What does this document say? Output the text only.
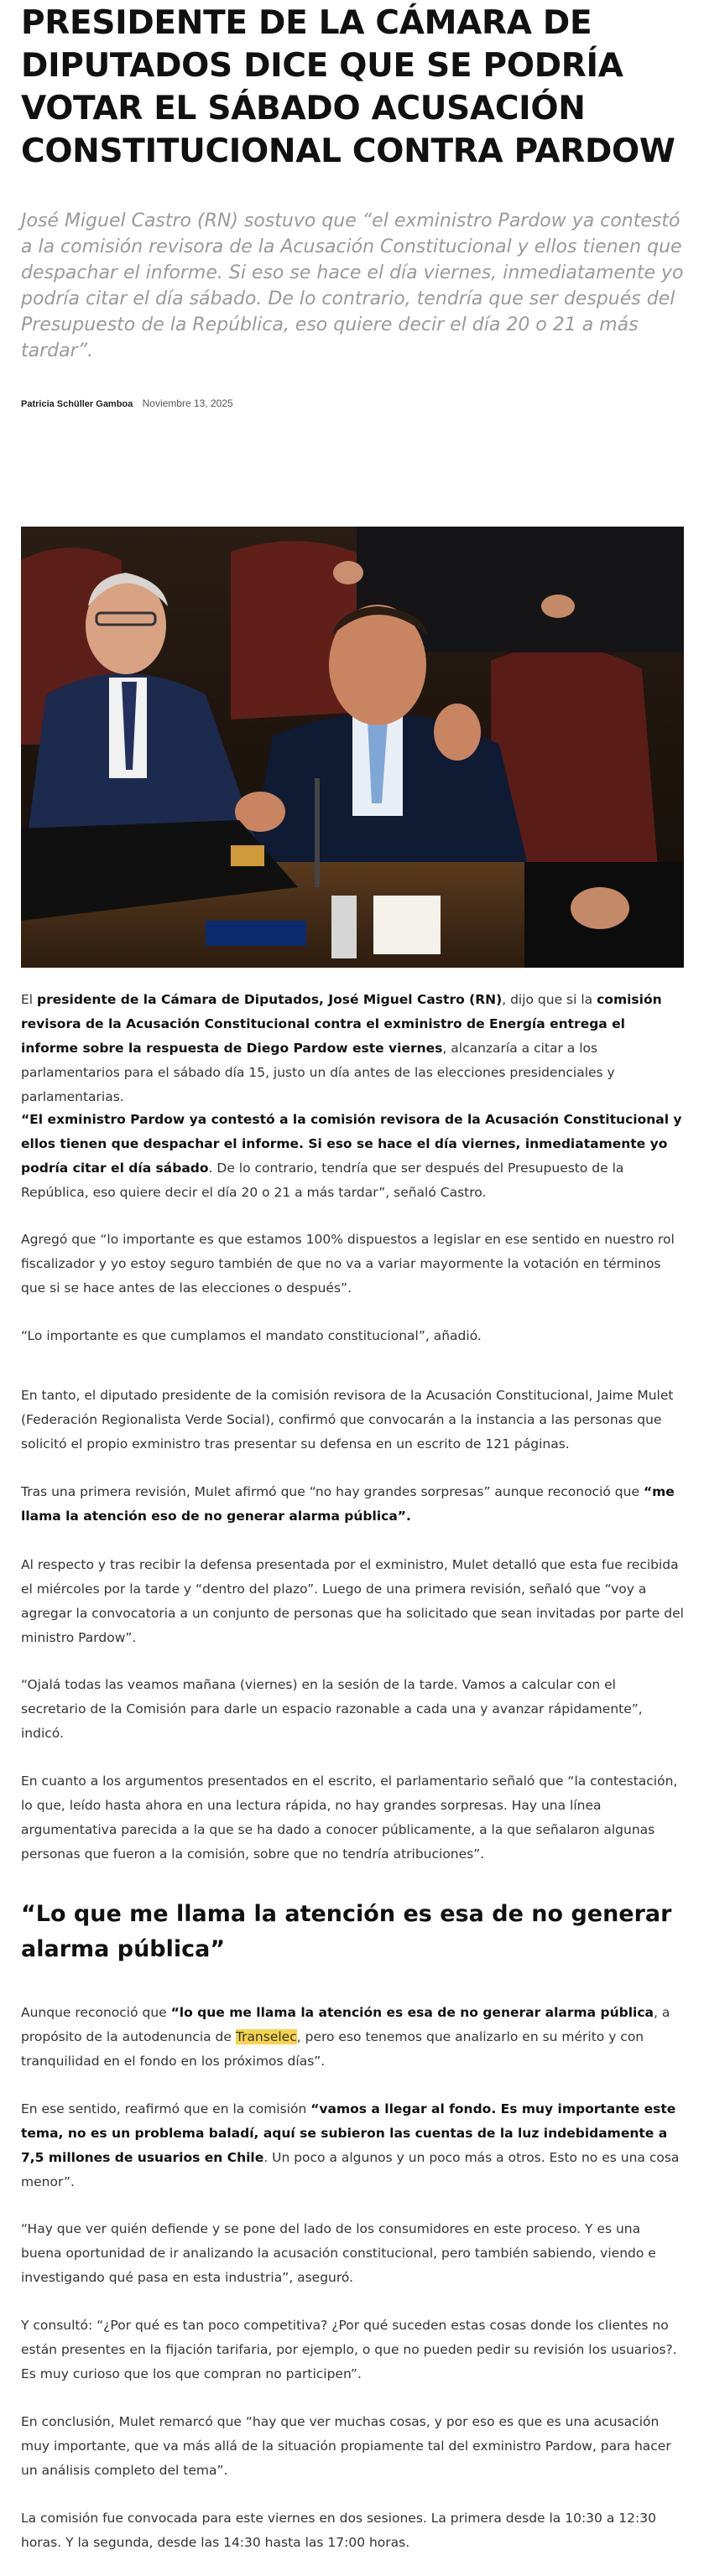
PRESIDENTE DE LA CÁMARA DE DIPUTADOS DICE QUE SE PODRÍA VOTAR EL SÁBADO ACUSACIÓN CONSTITUCIONAL CONTRA PARDOW

José Miguel Castro (RN) sostuvo que “el exministro Pardow ya contestó a la comisión revisora de la Acusación Constitucional y ellos tienen que despachar el informe. Si eso se hace el día viernes, inmediatamente yo podría citar el día sábado. De lo contrario, tendría que ser después del Presupuesto de la República, eso quiere decir el día 20 o 21 a más tardar”.

Patricia Schüller Gamboa Noviembre 13, 2025

El presidente de la Cámara de Diputados, José Miguel Castro (RN), dijo que si la comisión revisora de la Acusación Constitucional contra el exministro de Energía entrega el informe sobre la respuesta de Diego Pardow este viernes, alcanzaría a citar a los parlamentarios para el sábado día 15, justo un día antes de las elecciones presidenciales y parlamentarias.

“El exministro Pardow ya contestó a la comisión revisora de la Acusación Constitucional y ellos tienen que despachar el informe. Si eso se hace el día viernes, inmediatamente yo podría citar el día sábado. De lo contrario, tendría que ser después del Presupuesto de la República, eso quiere decir el día 20 o 21 a más tardar”, señaló Castro.

Agregó que “lo importante es que estamos 100% dispuestos a legislar en ese sentido en nuestro rol fiscalizador y yo estoy seguro también de que no va a variar mayormente la votación en términos que si se hace antes de las elecciones o después”.

“Lo importante es que cumplamos el mandato constitucional”, añadió.

En tanto, el diputado presidente de la comisión revisora de la Acusación Constitucional, Jaime Mulet (Federación Regionalista Verde Social), confirmó que convocarán a la instancia a las personas que solicitó el propio exministro tras presentar su defensa en un escrito de 121 páginas.

Tras una primera revisión, Mulet afirmó que “no hay grandes sorpresas” aunque reconoció que “me llama la atención eso de no generar alarma pública”.

Al respecto y tras recibir la defensa presentada por el exministro, Mulet detalló que esta fue recibida el miércoles por la tarde y “dentro del plazo”. Luego de una primera revisión, señaló que “voy a agregar la convocatoria a un conjunto de personas que ha solicitado que sean invitadas por parte del ministro Pardow”.

“Ojalá todas las veamos mañana (viernes) en la sesión de la tarde. Vamos a calcular con el secretario de la Comisión para darle un espacio razonable a cada una y avanzar rápidamente”, indicó.

En cuanto a los argumentos presentados en el escrito, el parlamentario señaló que “la contestación, lo que, leído hasta ahora en una lectura rápida, no hay grandes sorpresas. Hay una línea argumentativa parecida a la que se ha dado a conocer públicamente, a la que señalaron algunas personas que fueron a la comisión, sobre que no tendría atribuciones”.

“Lo que me llama la atención es esa de no generar alarma pública”

Aunque reconoció que “lo que me llama la atención es esa de no generar alarma pública, a propósito de la autodenuncia de Transelec, pero eso tenemos que analizarlo en su mérito y con tranquilidad en el fondo en los próximos días”.

En ese sentido, reafirmó que en la comisión “vamos a llegar al fondo. Es muy importante este tema, no es un problema baladí, aquí se subieron las cuentas de la luz indebidamente a 7,5 millones de usuarios en Chile. Un poco a algunos y un poco más a otros. Esto no es una cosa menor”.

“Hay que ver quién defiende y se pone del lado de los consumidores en este proceso. Y es una buena oportunidad de ir analizando la acusación constitucional, pero también sabiendo, viendo e investigando qué pasa en esta industria”, aseguró.

Y consultó: “¿Por qué es tan poco competitiva? ¿Por qué suceden estas cosas donde los clientes no están presentes en la fijación tarifaria, por ejemplo, o que no pueden pedir su revisión los usuarios?. Es muy curioso que los que compran no participen”.

En conclusión, Mulet remarcó que “hay que ver muchas cosas, y por eso es que es una acusación muy importante, que va más allá de la situación propiamente tal del exministro Pardow, para hacer un análisis completo del tema”.

La comisión fue convocada para este viernes en dos sesiones. La primera desde la 10:30 a 12:30 horas. Y la segunda, desde las 14:30 hasta las 17:00 horas.
